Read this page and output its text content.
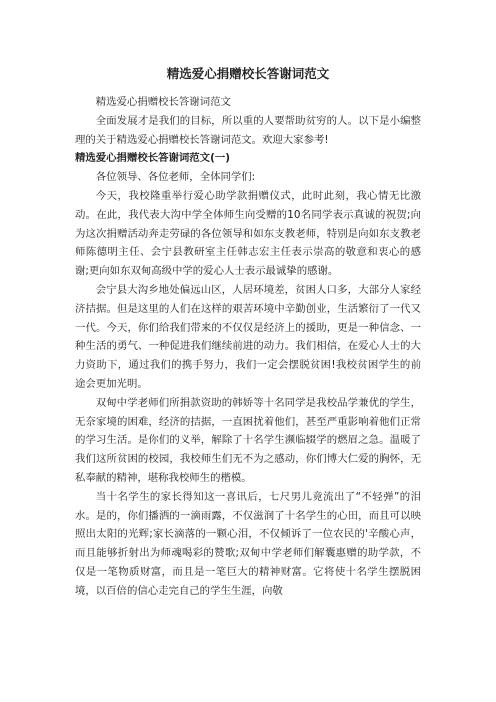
精选爱心捐赠校长答谢词范文

精选爱心捐赠校长答谢词范文

全面发展才是我们的目标，所以重的人要帮助贫穷的人。以下是小编整理的关于精选爱心捐赠校长答谢词范文。欢迎大家参考!

精选爱心捐赠校长答谢词范文(一)

各位领导、各位老师，全体同学们:

今天，我校隆重举行爱心助学款捐赠仪式，此时此刻，我心情无比激动。在此，我代表大沟中学全体师生向受赠的10名同学表示真诚的祝贺;向为这次捐赠活动奔走劳碌的各位领导和如东支教老师，特别是向如东支教老师陈德明主任、会宁县教研室主任韩志宏主任表示崇高的敬意和衷心的感谢;更向如东双甸高级中学的爱心人士表示最诚挚的感谢。

会宁县大沟乡地处偏远山区，人居环境差，贫困人口多，大部分人家经济拮据。但是这里的人们在这样的艰苦环境中辛勤创业，生活繁衍了一代又一代。今天，你们给我们带来的不仅仅是经济上的援助，更是一种信念、一种生活的勇气、一种促进我们继续前进的动力。我们相信，在爱心人士的大力资助下，通过我们的携手努力，我们一定会摆脱贫困!我校贫困学生的前途会更加光明。

双甸中学老师们所捐款资助的韩娇等十名同学是我校品学兼优的学生，无奈家境的困难，经济的拮据，一直困扰着他们，甚至严重影响着他们正常的学习生活。是你们的义举，解除了十名学生濒临辍学的燃眉之急。温暖了我们这所贫困的校园，我校师生们无不为之感动，你们博大仁爱的胸怀，无私奉献的精神，堪称我校师生的楷模。

当十名学生的家长得知这一喜讯后，七尺男儿竟流出了“不轻弹”的泪水。是的，你们播洒的一滴雨露，不仅滋润了十名学生的心田，而且可以映照出太阳的光辉;家长滴落的一颗心泪，不仅倾诉了一位农民的'辛酸心声，而且能够折射出为师魂喝彩的赞歌;双甸中学老师们解囊惠赠的助学款，不仅是一笔物质财富，而且是一笔巨大的精神财富。它将使十名学生摆脱困境，以百倍的信心走完自己的学生生涯，向敬
